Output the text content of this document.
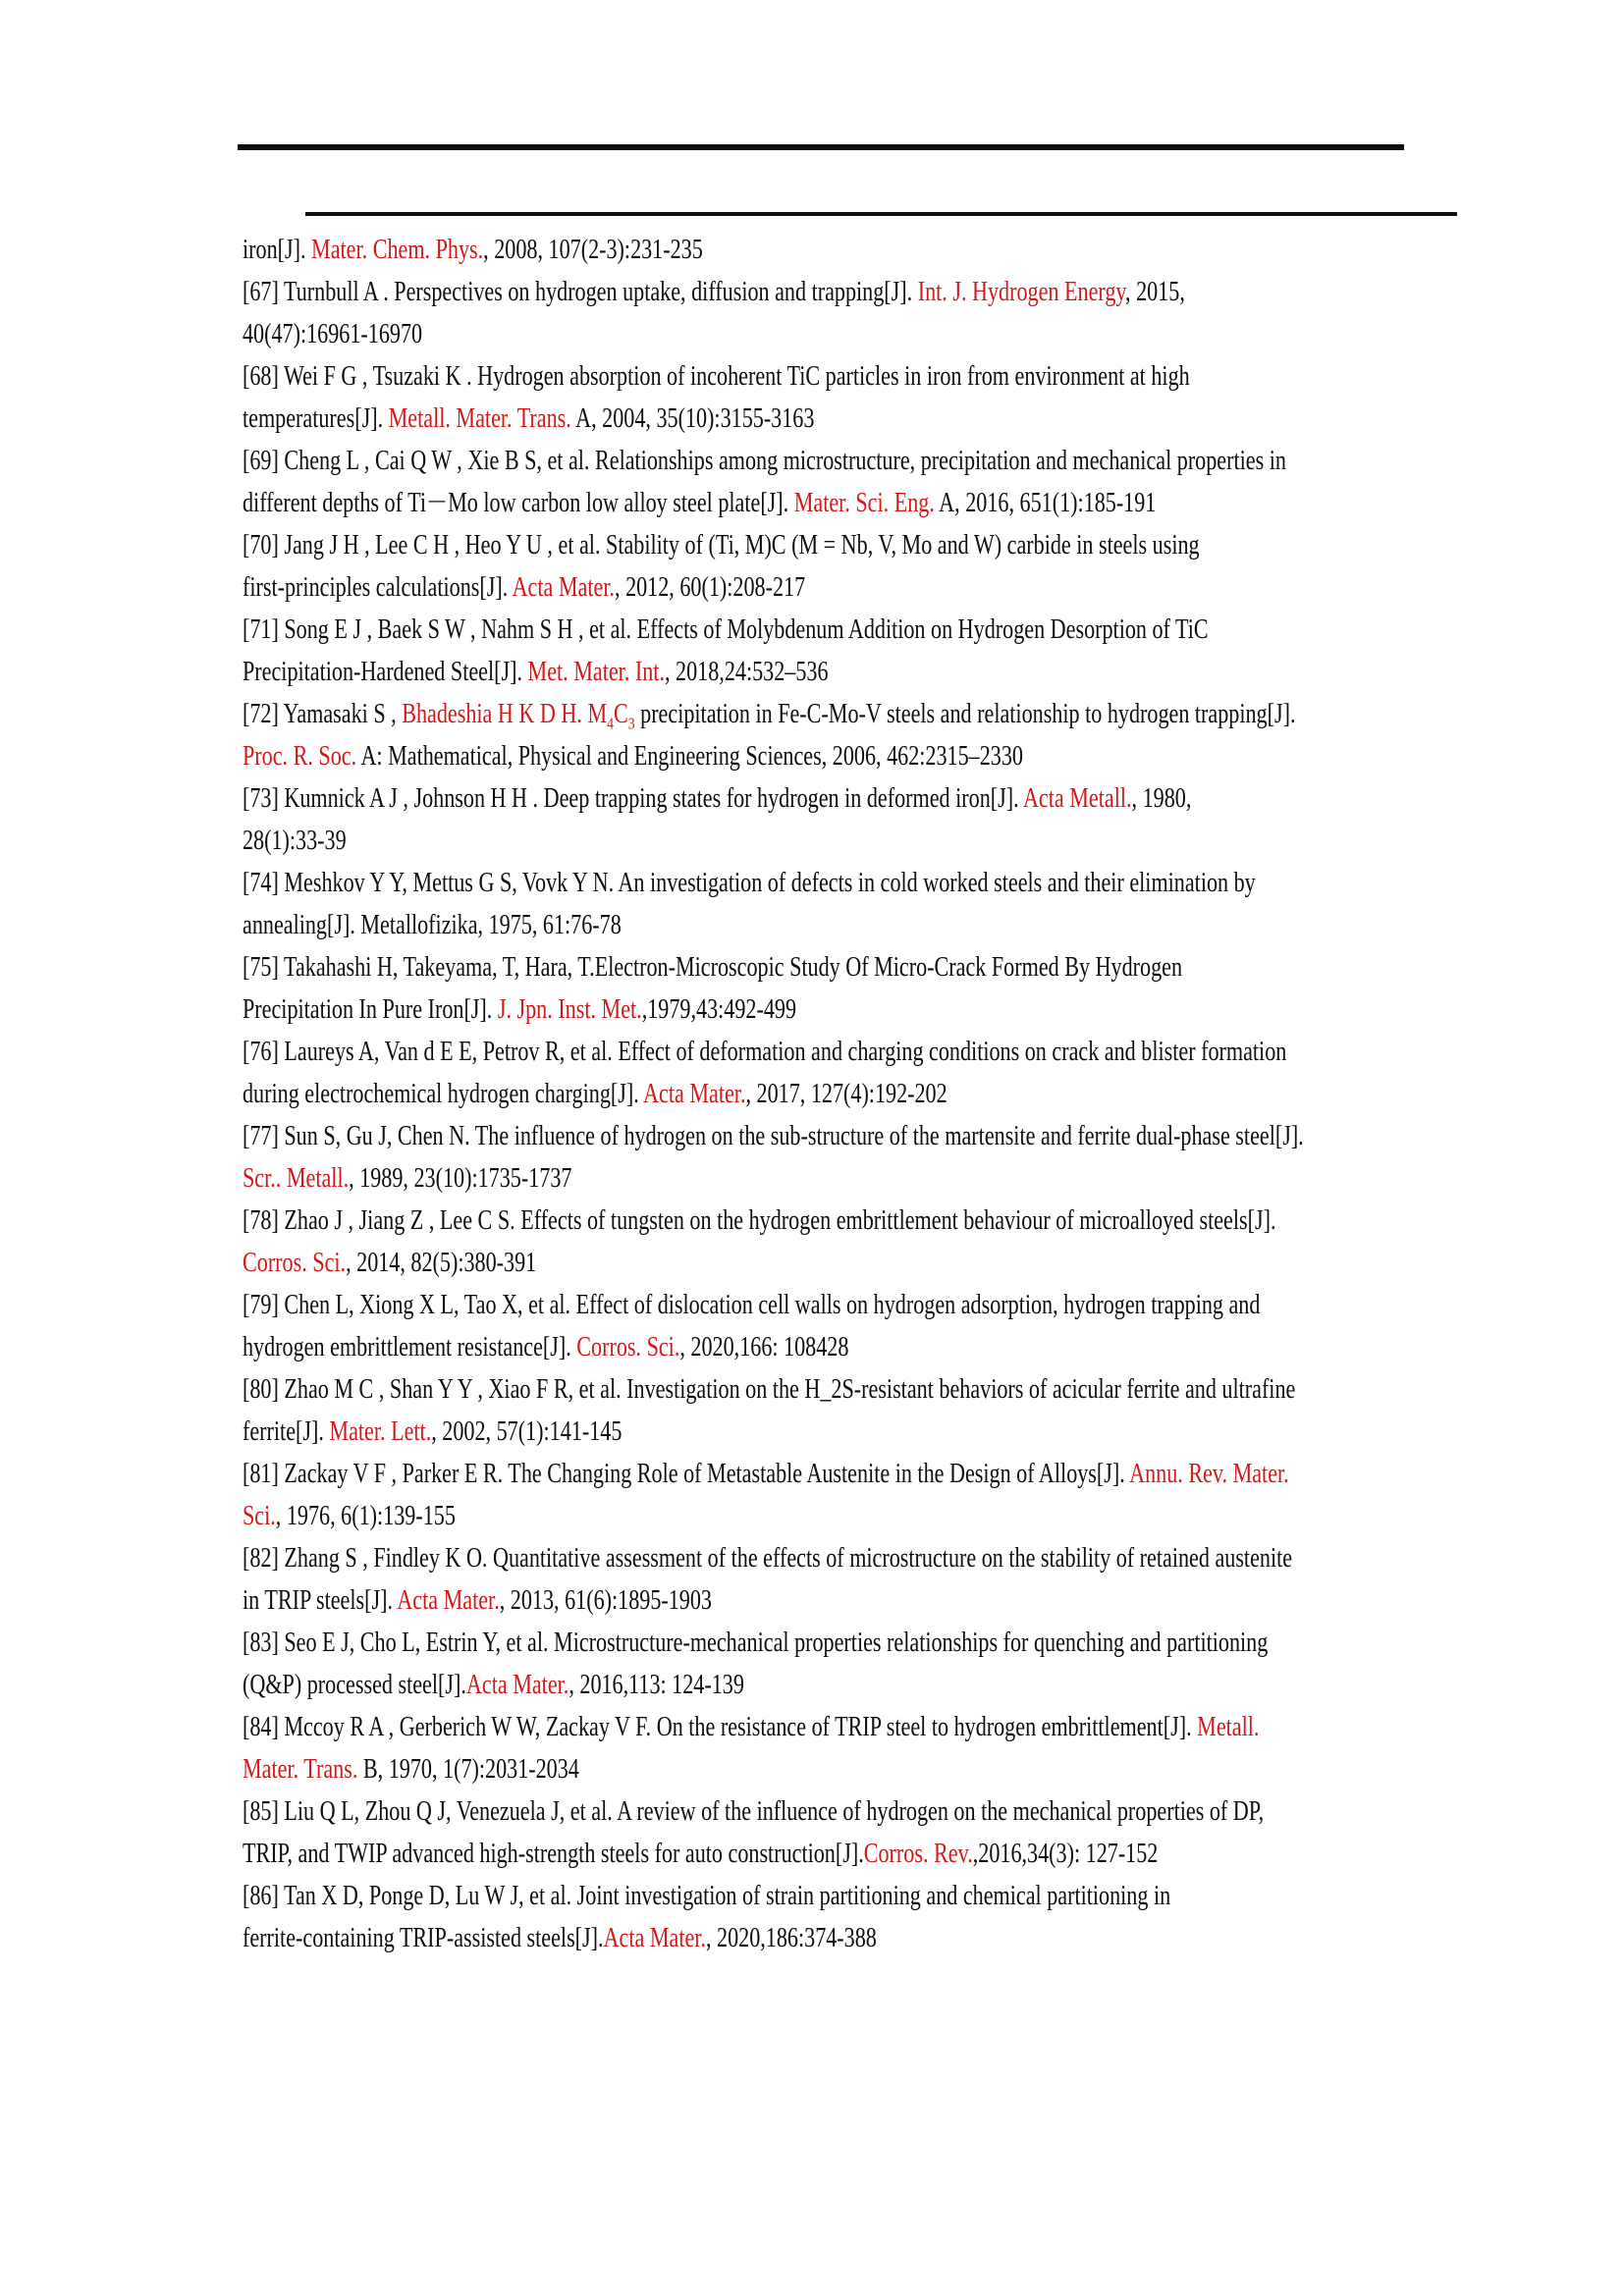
iron[J]. Mater. Chem. Phys., 2008, 107(2-3):231-235
[67] Turnbull A . Perspectives on hydrogen uptake, diffusion and trapping[J]. Int. J. Hydrogen Energy, 2015,
40(47):16961-16970
[68] Wei F G , Tsuzaki K . Hydrogen absorption of incoherent TiC particles in iron from environment at high
temperatures[J]. Metall. Mater. Trans. A, 2004, 35(10):3155-3163
[69] Cheng L , Cai Q W , Xie B S, et al. Relationships among microstructure, precipitation and mechanical properties in
different depths of Ti－Mo low carbon low alloy steel plate[J]. Mater. Sci. Eng. A, 2016, 651(1):185-191
[70] Jang J H , Lee C H , Heo Y U , et al. Stability of (Ti, M)C (M = Nb, V, Mo and W) carbide in steels using
first-principles calculations[J]. Acta Mater., 2012, 60(1):208-217
[71] Song E J , Baek S W , Nahm S H , et al. Effects of Molybdenum Addition on Hydrogen Desorption of TiC
Precipitation-Hardened Steel[J]. Met. Mater. Int., 2018,24:532–536
[72] Yamasaki S , Bhadeshia H K D H. $M_4C_3$ precipitation in Fe-C-Mo-V steels and relationship to hydrogen trapping[J].
Proc. R. Soc. A: Mathematical, Physical and Engineering Sciences, 2006, 462:2315–2330
[73] Kumnick A J , Johnson H H . Deep trapping states for hydrogen in deformed iron[J]. Acta Metall., 1980,
28(1):33-39
[74] Meshkov Y Y, Mettus G S, Vovk Y N. An investigation of defects in cold worked steels and their elimination by
annealing[J]. Metallofizika, 1975, 61:76-78
[75] Takahashi H, Takeyama, T, Hara, T.Electron-Microscopic Study Of Micro-Crack Formed By Hydrogen
Precipitation In Pure Iron[J]. J. Jpn. Inst. Met.,1979,43:492-499
[76] Laureys A, Van d E E, Petrov R, et al. Effect of deformation and charging conditions on crack and blister formation
during electrochemical hydrogen charging[J]. Acta Mater., 2017, 127(4):192-202
[77] Sun S, Gu J, Chen N. The influence of hydrogen on the sub-structure of the martensite and ferrite dual-phase steel[J].
Scr.. Metall., 1989, 23(10):1735-1737
[78] Zhao J , Jiang Z , Lee C S. Effects of tungsten on the hydrogen embrittlement behaviour of microalloyed steels[J].
Corros. Sci., 2014, 82(5):380-391
[79] Chen L, Xiong X L, Tao X, et al. Effect of dislocation cell walls on hydrogen adsorption, hydrogen trapping and
hydrogen embrittlement resistance[J]. Corros. Sci., 2020,166: 108428
[80] Zhao M C , Shan Y Y , Xiao F R, et al. Investigation on the H_2S-resistant behaviors of acicular ferrite and ultrafine
ferrite[J]. Mater. Lett., 2002, 57(1):141-145
[81] Zackay V F , Parker E R. The Changing Role of Metastable Austenite in the Design of Alloys[J]. Annu. Rev. Mater.
Sci., 1976, 6(1):139-155
[82] Zhang S , Findley K O. Quantitative assessment of the effects of microstructure on the stability of retained austenite
in TRIP steels[J]. Acta Mater., 2013, 61(6):1895-1903
[83] Seo E J, Cho L, Estrin Y, et al. Microstructure-mechanical properties relationships for quenching and partitioning
(Q&P) processed steel[J].Acta Mater., 2016,113: 124-139
[84] Mccoy R A , Gerberich W W, Zackay V F. On the resistance of TRIP steel to hydrogen embrittlement[J]. Metall.
Mater. Trans. B, 1970, 1(7):2031-2034
[85] Liu Q L, Zhou Q J, Venezuela J, et al. A review of the influence of hydrogen on the mechanical properties of DP,
TRIP, and TWIP advanced high-strength steels for auto construction[J].Corros. Rev.,2016,34(3): 127-152
[86] Tan X D, Ponge D, Lu W J, et al. Joint investigation of strain partitioning and chemical partitioning in
ferrite-containing TRIP-assisted steels[J].Acta Mater., 2020,186:374-388
